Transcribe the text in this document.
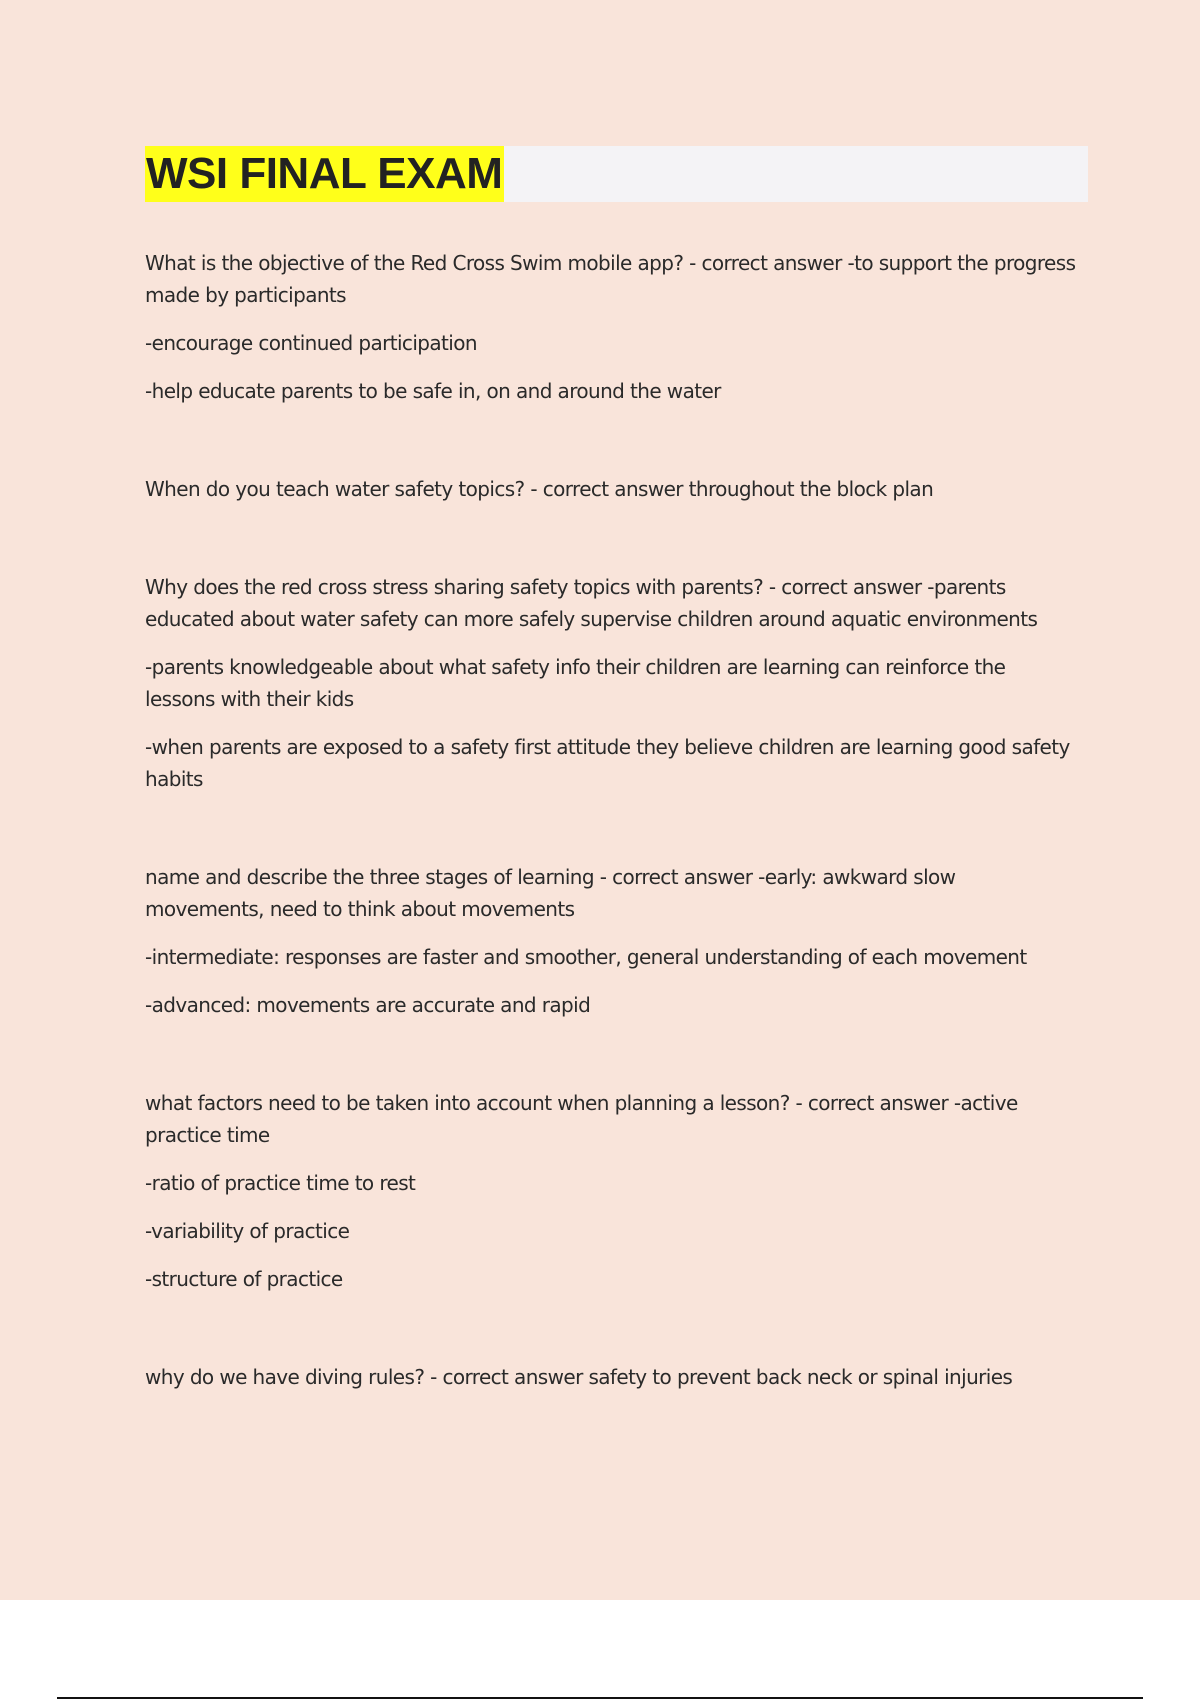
WSI FINAL EXAM

What is the objective of the Red Cross Swim mobile app? - correct answer -to support the progress made by participants

-encourage continued participation

-help educate parents to be safe in, on and around the water

When do you teach water safety topics? - correct answer throughout the block plan

Why does the red cross stress sharing safety topics with parents? - correct answer -parents educated about water safety can more safely supervise children around aquatic environments

-parents knowledgeable about what safety info their children are learning can reinforce the lessons with their kids

-when parents are exposed to a safety first attitude they believe children are learning good safety habits

name and describe the three stages of learning - correct answer -early: awkward slow movements, need to think about movements

-intermediate: responses are faster and smoother, general understanding of each movement

-advanced: movements are accurate and rapid

what factors need to be taken into account when planning a lesson? - correct answer -active practice time

-ratio of practice time to rest

-variability of practice

-structure of practice

why do we have diving rules? - correct answer safety to prevent back neck or spinal injuries
